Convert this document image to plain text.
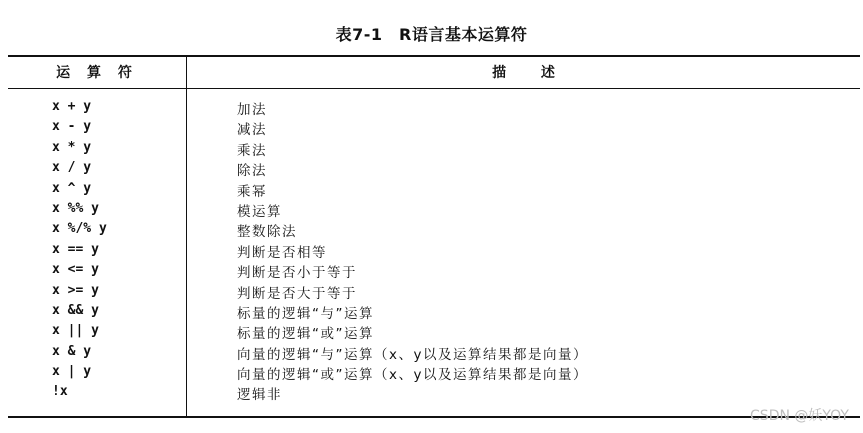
表7-1　R语言基本运算符
运 算 符	描 述
x + y	加法
x - y	减法
x * y	乘法
x / y	除法
x ^ y	乘幂
x %% y	模运算
x %/% y	整数除法
x == y	判断是否相等
x <= y	判断是否小于等于
x >= y	判断是否大于等于
x && y	标量的逻辑“与”运算
x || y	标量的逻辑“或”运算
x & y	向量的逻辑“与”运算（x、y以及运算结果都是向量）
x | y	向量的逻辑“或”运算（x、y以及运算结果都是向量）
!x	逻辑非
CSDN @妖YOY
